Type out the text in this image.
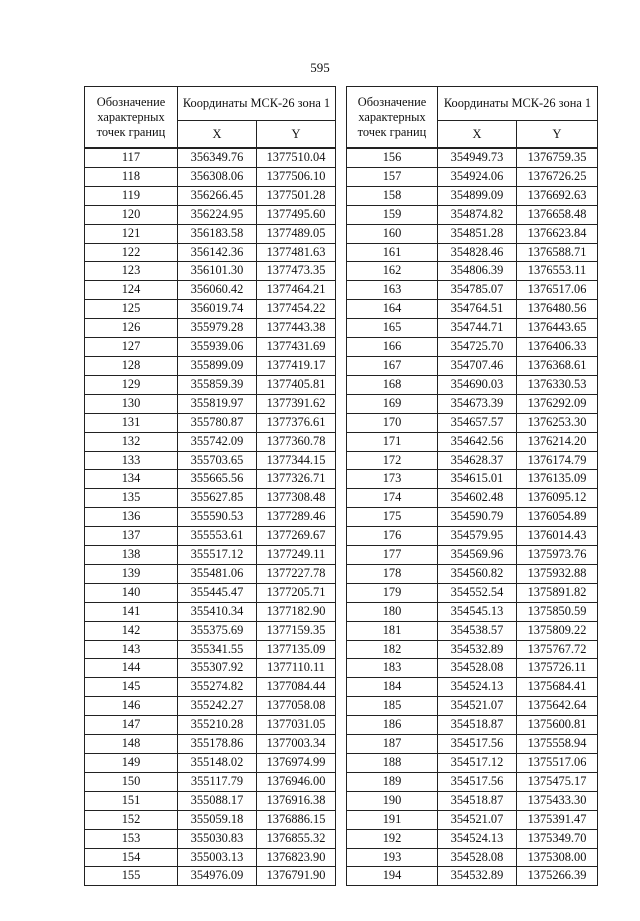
595
Обозначение характерных точек границ	Координаты МСК-26 зона 1	
	X	Y
117	356349.76	1377510.04
118	356308.06	1377506.10
119	356266.45	1377501.28
120	356224.95	1377495.60
121	356183.58	1377489.05
122	356142.36	1377481.63
123	356101.30	1377473.35
124	356060.42	1377464.21
125	356019.74	1377454.22
126	355979.28	1377443.38
127	355939.06	1377431.69
128	355899.09	1377419.17
129	355859.39	1377405.81
130	355819.97	1377391.62
131	355780.87	1377376.61
132	355742.09	1377360.78
133	355703.65	1377344.15
134	355665.56	1377326.71
135	355627.85	1377308.48
136	355590.53	1377289.46
137	355553.61	1377269.67
138	355517.12	1377249.11
139	355481.06	1377227.78
140	355445.47	1377205.71
141	355410.34	1377182.90
142	355375.69	1377159.35
143	355341.55	1377135.09
144	355307.92	1377110.11
145	355274.82	1377084.44
146	355242.27	1377058.08
147	355210.28	1377031.05
148	355178.86	1377003.34
149	355148.02	1376974.99
150	355117.79	1376946.00
151	355088.17	1376916.38
152	355059.18	1376886.15
153	355030.83	1376855.32
154	355003.13	1376823.90
155	354976.09	1376791.90
Обозначение характерных точек границ	Координаты МСК-26 зона 1	
	X	Y
156	354949.73	1376759.35
157	354924.06	1376726.25
158	354899.09	1376692.63
159	354874.82	1376658.48
160	354851.28	1376623.84
161	354828.46	1376588.71
162	354806.39	1376553.11
163	354785.07	1376517.06
164	354764.51	1376480.56
165	354744.71	1376443.65
166	354725.70	1376406.33
167	354707.46	1376368.61
168	354690.03	1376330.53
169	354673.39	1376292.09
170	354657.57	1376253.30
171	354642.56	1376214.20
172	354628.37	1376174.79
173	354615.01	1376135.09
174	354602.48	1376095.12
175	354590.79	1376054.89
176	354579.95	1376014.43
177	354569.96	1375973.76
178	354560.82	1375932.88
179	354552.54	1375891.82
180	354545.13	1375850.59
181	354538.57	1375809.22
182	354532.89	1375767.72
183	354528.08	1375726.11
184	354524.13	1375684.41
185	354521.07	1375642.64
186	354518.87	1375600.81
187	354517.56	1375558.94
188	354517.12	1375517.06
189	354517.56	1375475.17
190	354518.87	1375433.30
191	354521.07	1375391.47
192	354524.13	1375349.70
193	354528.08	1375308.00
194	354532.89	1375266.39
